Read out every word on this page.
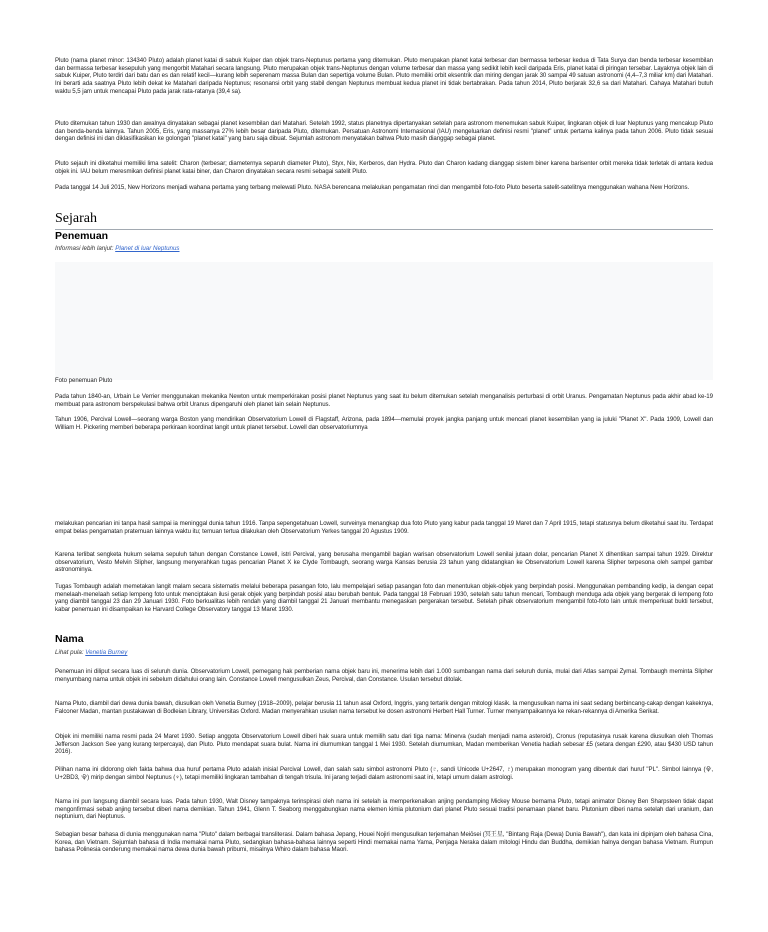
Pluto (nama planet minor: 134340 Pluto) adalah planet katai di sabuk Kuiper dan objek trans-Neptunus pertama yang ditemukan. Pluto merupakan planet katai terbesar dan bermassa terbesar kedua di Tata Surya dan benda terbesar kesembilan dan bermassa terbesar kesepuluh yang mengorbit Matahari secara langsung. Pluto merupakan objek trans-Neptunus dengan volume terbesar dan massa yang sedikit lebih kecil daripada Eris, planet katai di piringan tersebar. Layaknya objek lain di sabuk Kuiper, Pluto terdiri dari batu dan es dan relatif kecil—kurang lebih seperenam massa Bulan dan sepertiga volume Bulan. Pluto memiliki orbit eksentrik dan miring dengan jarak 30 sampai 49 satuan astronomi (4,4–7,3 miliar km) dari Matahari. Ini berarti ada saatnya Pluto lebih dekat ke Matahari daripada Neptunus; resonansi orbit yang stabil dengan Neptunus membuat kedua planet ini tidak bertabrakan. Pada tahun 2014, Pluto berjarak 32,6 sa dari Matahari. Cahaya Matahari butuh waktu 5,5 jam untuk mencapai Pluto pada jarak rata-ratanya (39,4 sa).

Pluto ditemukan tahun 1930 dan awalnya dinyatakan sebagai planet kesembilan dari Matahari. Setelah 1992, status planetnya dipertanyakan setelah para astronom menemukan sabuk Kuiper, lingkaran objek di luar Neptunus yang mencakup Pluto dan benda-benda lainnya. Tahun 2005, Eris, yang massanya 27% lebih besar daripada Pluto, ditemukan. Persatuan Astronomi Internasional (IAU) mengeluarkan definisi resmi "planet" untuk pertama kalinya pada tahun 2006. Pluto tidak sesuai dengan definisi ini dan diklasifikasikan ke golongan "planet katai" yang baru saja dibuat. Sejumlah astronom menyatakan bahwa Pluto masih dianggap sebagai planet.

Pluto sejauh ini diketahui memiliki lima satelit: Charon (terbesar; diameternya separuh diameter Pluto), Styx, Nix, Kerberos, dan Hydra. Pluto dan Charon kadang dianggap sistem biner karena barisenter orbit mereka tidak terletak di antara kedua objek ini. IAU belum meresmikan definisi planet katai biner, dan Charon dinyatakan secara resmi sebagai satelit Pluto.

Pada tanggal 14 Juli 2015, New Horizons menjadi wahana pertama yang terbang melewati Pluto. NASA berencana melakukan pengamatan rinci dan mengambil foto-foto Pluto beserta satelit-satelitnya menggunakan wahana New Horizons.

Sejarah
Penemuan
Informasi lebih lanjut: Planet di luar Neptunus
Foto penemuan Pluto

Pada tahun 1840-an, Urbain Le Verrier menggunakan mekanika Newton untuk memperkirakan posisi planet Neptunus yang saat itu belum ditemukan setelah menganalisis perturbasi di orbit Uranus. Pengamatan Neptunus pada akhir abad ke-19 membuat para astronom berspekulasi bahwa orbit Uranus dipengaruhi oleh planet lain selain Neptunus.

Tahun 1906, Percival Lowell—seorang warga Boston yang mendirikan Observatorium Lowell di Flagstaff, Arizona, pada 1894—memulai proyek jangka panjang untuk mencari planet kesembilan yang ia juluki "Planet X". Pada 1909, Lowell dan William H. Pickering memberi beberapa perkiraan koordinat langit untuk planet tersebut. Lowell dan observatoriumnya

melakukan pencarian ini tanpa hasil sampai ia meninggal dunia tahun 1916. Tanpa sepengetahuan Lowell, surveinya menangkap dua foto Pluto yang kabur pada tanggal 19 Maret dan 7 April 1915, tetapi statusnya belum diketahui saat itu. Terdapat empat belas pengamatan pratemuan lainnya waktu itu; temuan tertua dilakukan oleh Observatorium Yerkes tanggal 20 Agustus 1909.

Karena terlibat sengketa hukum selama sepuluh tahun dengan Constance Lowell, istri Percival, yang berusaha mengambil bagian warisan observatorium Lowell senilai jutaan dolar, pencarian Planet X dihentikan sampai tahun 1929. Direktur observatorium, Vesto Melvin Slipher, langsung menyerahkan tugas pencarian Planet X ke Clyde Tombaugh, seorang warga Kansas berusia 23 tahun yang didatangkan ke Observatorium Lowell karena Slipher terpesona oleh sampel gambar astronominya.

Tugas Tombaugh adalah memetakan langit malam secara sistematis melalui beberapa pasangan foto, lalu mempelajari setiap pasangan foto dan menentukan objek-objek yang berpindah posisi. Menggunakan pembanding kedip, ia dengan cepat menelaah-menelaah setiap lempeng foto untuk menciptakan ilusi gerak objek yang berpindah posisi atau berubah bentuk. Pada tanggal 18 Februari 1930, setelah satu tahun mencari, Tombaugh menduga ada objek yang bergerak di lempeng foto yang diambil tanggal 23 dan 29 Januari 1930. Foto berkualitas lebih rendah yang diambil tanggal 21 Januari membantu menegaskan pergerakan tersebut. Setelah pihak observatorium mengambil foto-foto lain untuk memperkuat bukti tersebut, kabar penemuan ini disampaikan ke Harvard College Observatory tanggal 13 Maret 1930.

Nama
Lihat pula: Venetia Burney

Penemuan ini diliput secara luas di seluruh dunia. Observatorium Lowell, pemegang hak pemberian nama objek baru ini, menerima lebih dari 1.000 sumbangan nama dari seluruh dunia, mulai dari Atlas sampai Zymal. Tombaugh meminta Slipher menyumbang nama untuk objek ini sebelum didahului orang lain. Constance Lowell mengusulkan Zeus, Percival, dan Constance. Usulan tersebut ditolak.

Nama Pluto, diambil dari dewa dunia bawah, diusulkan oleh Venetia Burney (1918–2009), pelajar berusia 11 tahun asal Oxford, Inggris, yang tertarik dengan mitologi klasik. Ia mengusulkan nama ini saat sedang berbincang-cakap dengan kakeknya, Falconer Madan, mantan pustakawan di Bodleian Library, Universitas Oxford. Madan menyerahkan usulan nama tersebut ke dosen astronomi Herbert Hall Turner. Turner menyampaikannya ke rekan-rekannya di Amerika Serikat.

Objek ini memiliki nama resmi pada 24 Maret 1930. Setiap anggota Observatorium Lowell diberi hak suara untuk memilih satu dari tiga nama: Minerva (sudah menjadi nama asteroid), Cronus (reputasinya rusak karena diusulkan oleh Thomas Jefferson Jackson See yang kurang terpercaya), dan Pluto. Pluto mendapat suara bulat. Nama ini diumumkan tanggal 1 Mei 1930. Setelah diumumkan, Madan memberikan Venetia hadiah sebesar £5 (setara dengan £290, atau $430 USD tahun 2016).

Pilihan nama ini didorong oleh fakta bahwa dua huruf pertama Pluto adalah inisial Percival Lowell, dan salah satu simbol astronomi Pluto (♇, sandi Unicode U+2647, ♇) merupakan monogram yang dibentuk dari huruf "PL". Simbol lainnya (⯓, U+2BD3, ⯓) mirip dengan simbol Neptunus (♆), tetapi memiliki lingkaran tambahan di tengah trisula. Ini jarang terjadi dalam astronomi saat ini, tetapi umum dalam astrologi.

Nama ini pun langsung diambil secara luas. Pada tahun 1930, Walt Disney tampaknya terinspirasi oleh nama ini setelah ia memperkenalkan anjing pendamping Mickey Mouse bernama Pluto, tetapi animator Disney Ben Sharpsteen tidak dapat mengonfirmasi sebab anjing tersebut diberi nama demikian. Tahun 1941, Glenn T. Seaborg menggabungkan nama elemen kimia plutonium dari planet Pluto sesuai tradisi penamaan planet baru. Plutonium diberi nama setelah dari uranium, dan neptunium, dari Neptunus.

Sebagian besar bahasa di dunia menggunakan nama "Pluto" dalam berbagai transliterasi. Dalam bahasa Jepang, Houei Nojiri mengusulkan terjemahan Meiōsei (冥王星, "Bintang Raja (Dewa) Dunia Bawah"), dan kata ini dipinjam oleh bahasa Cina, Korea, dan Vietnam. Sejumlah bahasa di India memakai nama Pluto, sedangkan bahasa-bahasa lainnya seperti Hindi memakai nama Yama, Penjaga Neraka dalam mitologi Hindu dan Buddha, demikian halnya dengan bahasa Vietnam. Rumpun bahasa Polinesia cenderung memakai nama dewa dunia bawah pribumi, misalnya Whiro dalam bahasa Maori.
